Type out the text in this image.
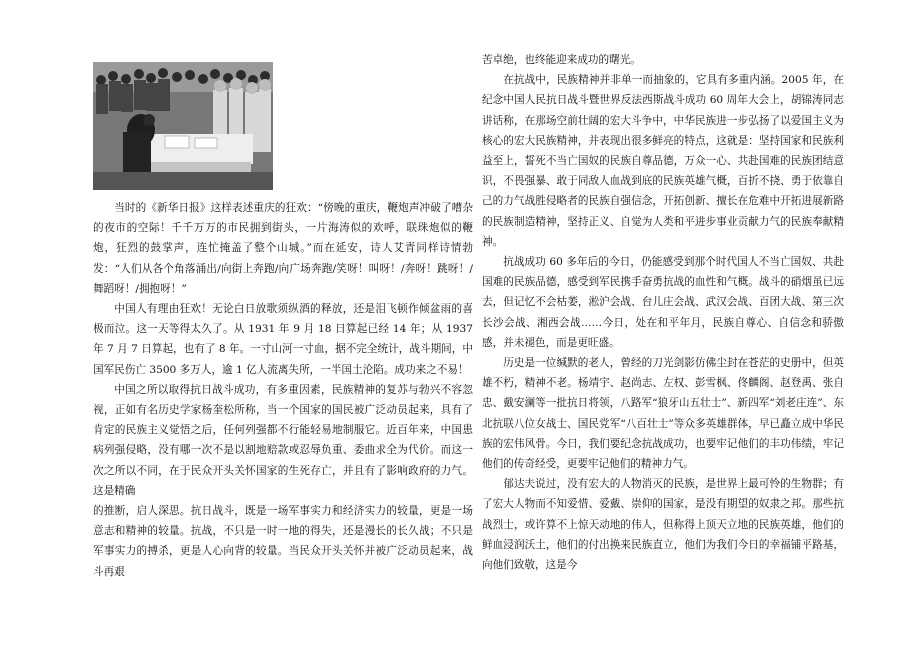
当时的《新华日报》这样表述重庆的狂欢：“傍晚的重庆，鞭炮声冲破了嘈杂的夜市的空际！千千万万的市民拥到街头，一片海涛似的欢呼，联珠炮似的鞭炮，狂烈的鼓掌声，连忙掩盖了整个山城。”而在延安，诗人艾青同样诗情勃发：“人们从各个角落涌出/向街上奔跑/向广场奔跑/笑呀！叫呀！/奔呀！跳呀！/舞蹈呀！/拥抱呀！”

中国人有理由狂欢！无论白日放歌须纵酒的释放，还是泪飞顿作倾盆雨的喜极而泣。这一天等得太久了。从 1931 年 9 月 18 日算起已经 14 年；从 1937 年 7 月 7 日算起，也有了 8 年。一寸山河一寸血，据不完全统计，战斗期间，中国军民伤亡 3500 多万人，逾 1 亿人流离失所，一半国土沦陷。成功来之不易！

中国之所以取得抗日战斗成功，有多重因素，民族精神的复苏与勃兴不容忽视，正如有名历史学家杨奎松所称，当一个国家的国民被广泛动员起来，具有了肯定的民族主义觉悟之后，任何列强都不行能轻易地制服它。近百年来，中国患病列强侵略，没有哪一次不是以割地赔款或忍辱负重、委曲求全为代价。而这一次之所以不同，在于民众开头关怀国家的生死存亡，并且有了影响政府的力气。这是精确

的推断，启人深思。抗日战斗，既是一场军事实力和经济实力的较量，更是一场意志和精神的较量。抗战，不只是一时一地的得失，还是漫长的长久战；不只是军事实力的搏杀，更是人心向背的较量。当民众开头关怀并被广泛动员起来，战斗再艰

苦卓绝，也终能迎来成功的曙光。

在抗战中，民族精神并非单一而抽象的，它具有多重内涵。2005 年，在纪念中国人民抗日战斗暨世界反法西斯战斗成功 60 周年大会上，胡锦涛同志讲话称，在那场空前壮阔的宏大斗争中，中华民族进一步弘扬了以爱国主义为核心的宏大民族精神，并表现出很多鲜亮的特点，这就是：坚持国家和民族利益至上，誓死不当亡国奴的民族自尊品德，万众一心、共赴国难的民族团结意识，不畏强暴、敢于同敌人血战到底的民族英雄气概，百折不挠、勇于依靠自己的力气战胜侵略者的民族自强信念，开拓创新、擅长在危难中开拓进展新路的民族制造精神，坚持正义、自觉为人类和平进步事业贡献力气的民族奉献精神。

抗战成功 60 多年后的今日，仍能感受到那个时代国人不当亡国奴、共赴国难的民族品德，感受到军民携手奋勇抗战的血性和气概。战斗的硝烟虽已远去，但记忆不会枯萎，淞沪会战、台儿庄会战、武汉会战、百团大战、第三次长沙会战、湘西会战……今日，处在和平年月，民族自尊心、自信念和骄傲感，并未褪色，而是更旺盛。

历史是一位缄默的老人，曾经的刀光剑影仿佛尘封在苍茫的史册中，但英雄不朽，精神不老。杨靖宇、赵尚志、左权、彭雪枫、佟麟阁、赵登禹、张自忠、戴安澜等一批抗日将领，八路军“狼牙山五壮士”、新四军“刘老庄连”、东北抗联八位女战士、国民党军“八百壮士”等众多英雄群体，早已矗立成中华民族的宏伟风骨。今日，我们要纪念抗战成功，也要牢记他们的丰功伟绩，牢记他们的传奇经受，更要牢记他们的精神力气。

郁达夫说过，没有宏大的人物消灭的民族，是世界上最可怜的生物群；有了宏大人物而不知爱惜、爱戴、崇仰的国家，是没有期望的奴隶之邦。那些抗战烈士，或许算不上惊天动地的伟人，但称得上顶天立地的民族英雄，他们的鲜血浸润沃土，他们的付出换来民族直立，他们为我们今日的幸福铺平路基，向他们致敬，这是今
